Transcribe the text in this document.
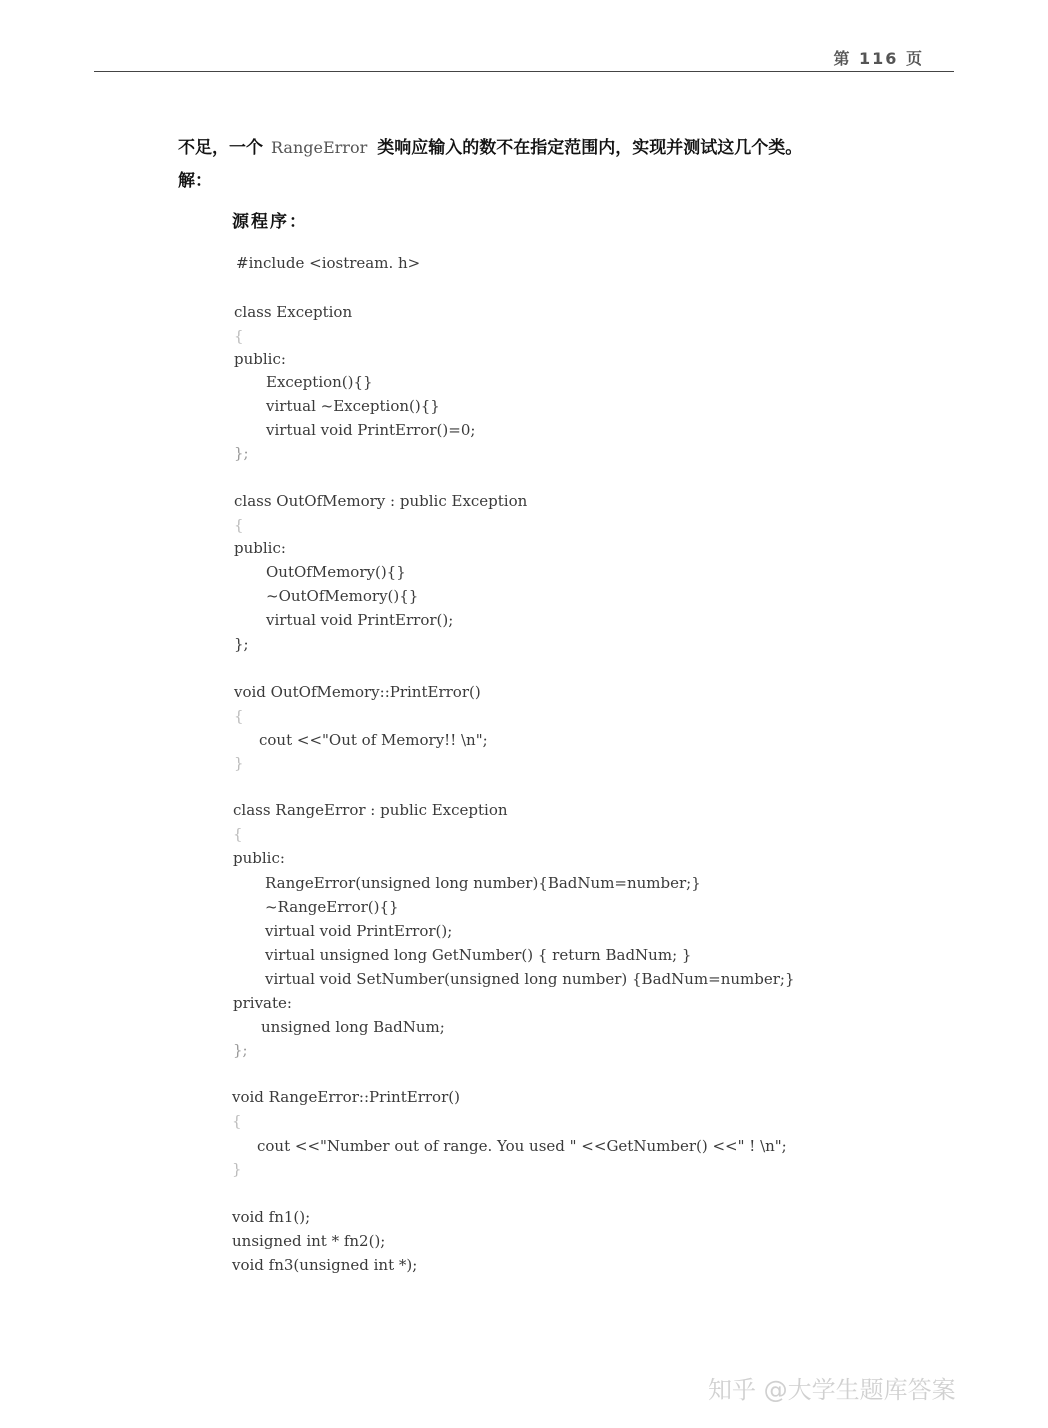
第 116 页
不足，一个 RangeError 类响应输入的数不在指定范围内，实现并测试这几个类。
解：
源程序：
#include <iostream. h>
class Exception
{
public:
Exception(){}
virtual ~Exception(){}
virtual void PrintError()=0;
};
class OutOfMemory : public Exception
{
public:
OutOfMemory(){}
~OutOfMemory(){}
virtual void PrintError();
};
void OutOfMemory::PrintError()
{
cout <<"Out of Memory!! \n";
}
class RangeError : public Exception
{
public:
RangeError(unsigned long number){BadNum=number;}
~RangeError(){}
virtual void PrintError();
virtual unsigned long GetNumber() { return BadNum; }
virtual void SetNumber(unsigned long number) {BadNum=number;}
private:
unsigned long BadNum;
};
void RangeError::PrintError()
{
cout <<"Number out of range. You used " <<GetNumber() <<" ! \n";
}
void fn1();
unsigned int * fn2();
void fn3(unsigned int *);
知乎 @大学生题库答案
